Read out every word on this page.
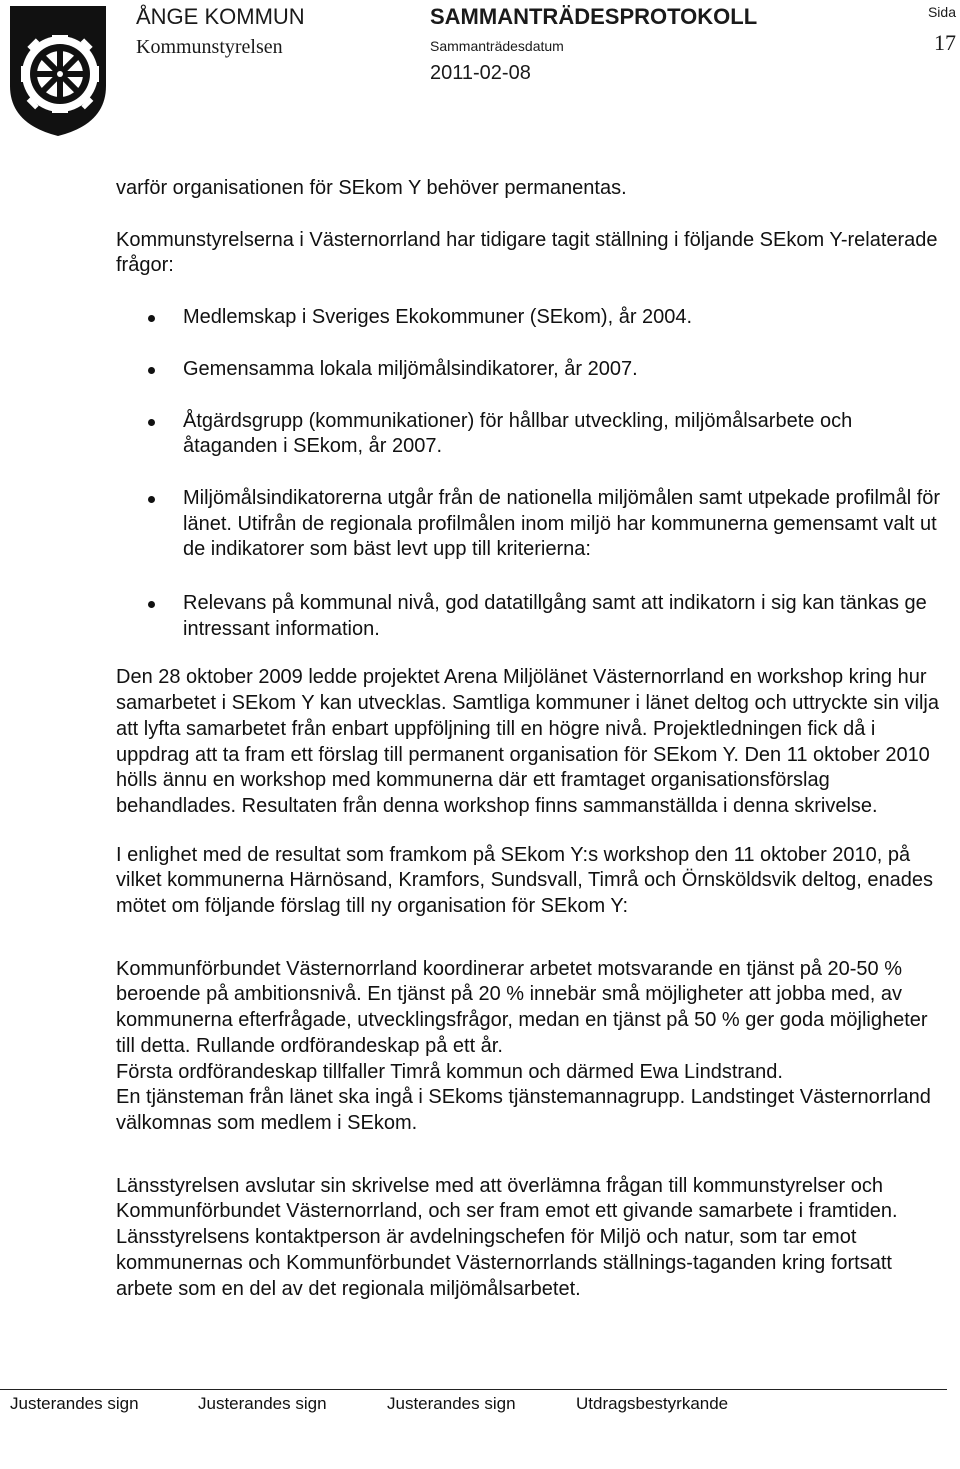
ÅNGE KOMMUN
Kommunstyrelsen
SAMMANTRÄDESPROTOKOLL
Sammanträdesdatum
2011-02-08
Sida
17

varför organisationen för SEkom Y behöver permanentas.

Kommunstyrelserna i Västernorrland har tidigare tagit ställning i följande SEkom Y-relaterade frågor:

Medlemskap i Sveriges Ekokommuner (SEkom), år 2004.
Gemensamma lokala miljömålsindikatorer, år 2007.
Åtgärdsgrupp (kommunikationer) för hållbar utveckling, miljömålsarbete och åtaganden i SEkom, år 2007.
Miljömålsindikatorerna utgår från de nationella miljömålen samt utpekade profilmål för länet. Utifrån de regionala profilmålen inom miljö har kommunerna gemensamt valt ut de indikatorer som bäst levt upp till kriterierna:
Relevans på kommunal nivå, god datatillgång samt att indikatorn i sig kan tänkas ge intressant information.

Den 28 oktober 2009 ledde projektet Arena Miljölänet Västernorrland en workshop kring hur samarbetet i SEkom Y kan utvecklas. Samtliga kommuner i länet deltog och uttryckte sin vilja att lyfta samarbetet från enbart uppföljning till en högre nivå. Projektledningen fick då i uppdrag att ta fram ett förslag till permanent organisation för SEkom Y. Den 11 oktober 2010 hölls ännu en workshop med kommunerna där ett framtaget organisationsförslag behandlades. Resultaten från denna workshop finns sammanställda i denna skrivelse.

I enlighet med de resultat som framkom på SEkom Y:s workshop den 11 oktober 2010, på vilket kommunerna Härnösand, Kramfors, Sundsvall, Timrå och Örnsköldsvik deltog, enades mötet om följande förslag till ny organisation för SEkom Y:

Kommunförbundet Västernorrland koordinerar arbetet motsvarande en tjänst på 20-50 % beroende på ambitionsnivå. En tjänst på 20 % innebär små möjligheter att jobba med, av kommunerna efterfrågade, utvecklingsfrågor, medan en tjänst på 50 % ger goda möjligheter till detta. Rullande ordförandeskap på ett år.

Första ordförandeskap tillfaller Timrå kommun och därmed Ewa Lindstrand.

En tjänsteman från länet ska ingå i SEkoms tjänstemannagrupp. Landstinget Västernorrland välkomnas som medlem i SEkom.

Länsstyrelsen avslutar sin skrivelse med att överlämna frågan till kommunstyrelser och Kommunförbundet Västernorrland, och ser fram emot ett givande samarbete i framtiden. Länsstyrelsens kontaktperson är avdelningschefen för Miljö och natur, som tar emot kommunernas och Kommunförbundet Västernorrlands ställnings-taganden kring fortsatt arbete som en del av det regionala miljömålsarbetet.

Justerandes sign	Justerandes sign	Justerandes sign	Utdragsbestyrkande
